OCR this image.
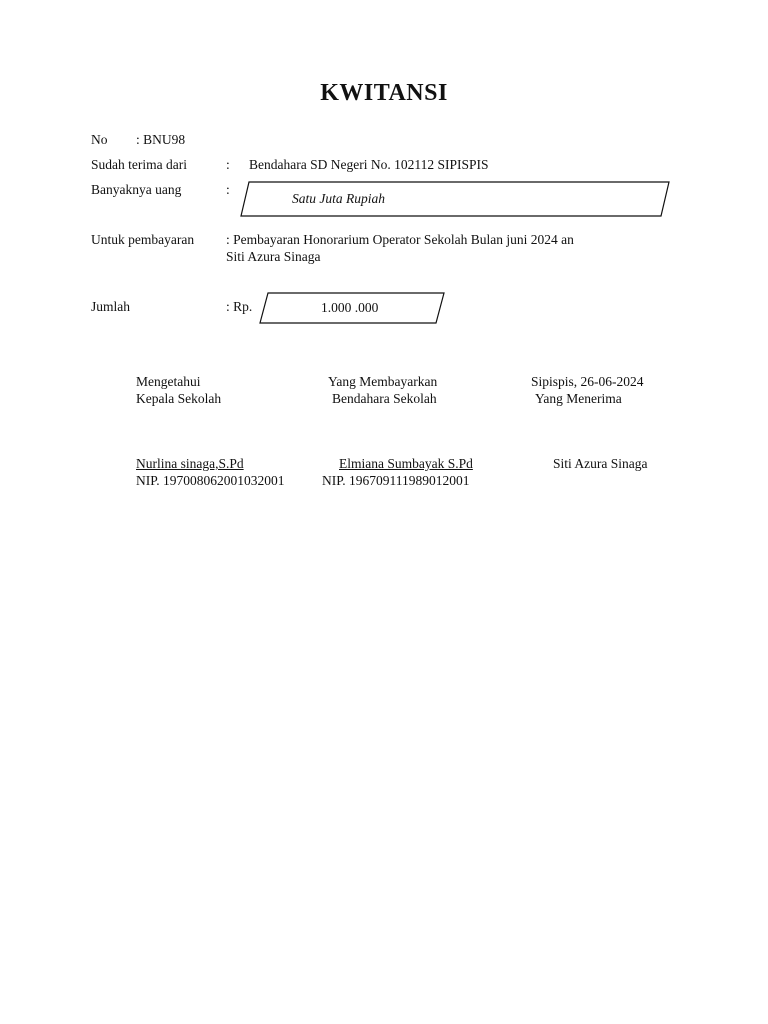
KWITANSI
No : BNU98
Sudah terima dari	: Bendahara SD Negeri No. 102112 SIPISPIS
Banyaknya uang	:
Satu Juta Rupiah
Untuk pembayaran : Pembayaran Honorarium Operator Sekolah Bulan juni 2024 an
Siti Azura Sinaga
Jumlah	: Rp.	1.000 .000
Mengetahui
Kepala Sekolah
Nurlina sinaga,S.Pd
NIP. 197008062001032001
Yang Membayarkan
Bendahara Sekolah
Elmiana Sumbayak S.Pd
NIP. 196709111989012001
Sipispis, 26-06-2024
Yang Menerima
Siti Azura Sinaga
